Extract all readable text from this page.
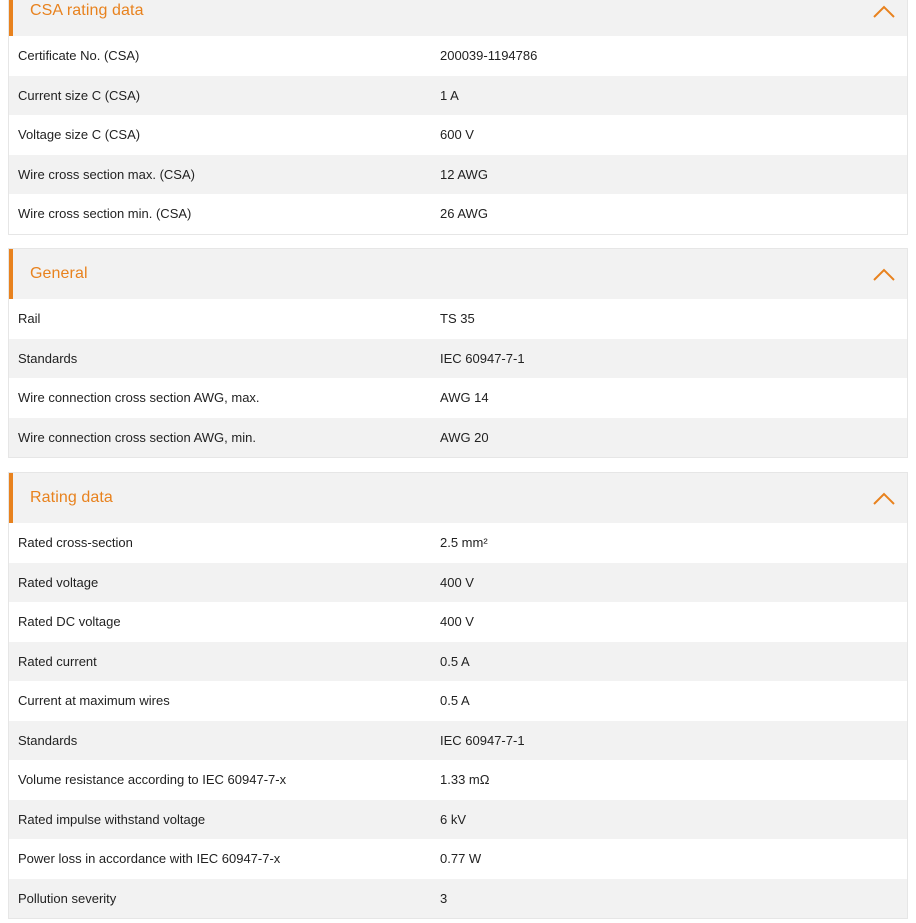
CSA rating data
Certificate No. (CSA)	200039-1194786
Current size C (CSA)	1 A
Voltage size C (CSA)	600 V
Wire cross section max. (CSA)	12 AWG
Wire cross section min. (CSA)	26 AWG
General
Rail	TS 35
Standards	IEC 60947-7-1
Wire connection cross section AWG, max.	AWG 14
Wire connection cross section AWG, min.	AWG 20
Rating data
Rated cross-section	2.5 mm²
Rated voltage	400 V
Rated DC voltage	400 V
Rated current	0.5 A
Current at maximum wires	0.5 A
Standards	IEC 60947-7-1
Volume resistance according to IEC 60947-7-x	1.33 mΩ
Rated impulse withstand voltage	6 kV
Power loss in accordance with IEC 60947-7-x	0.77 W
Pollution severity	3
